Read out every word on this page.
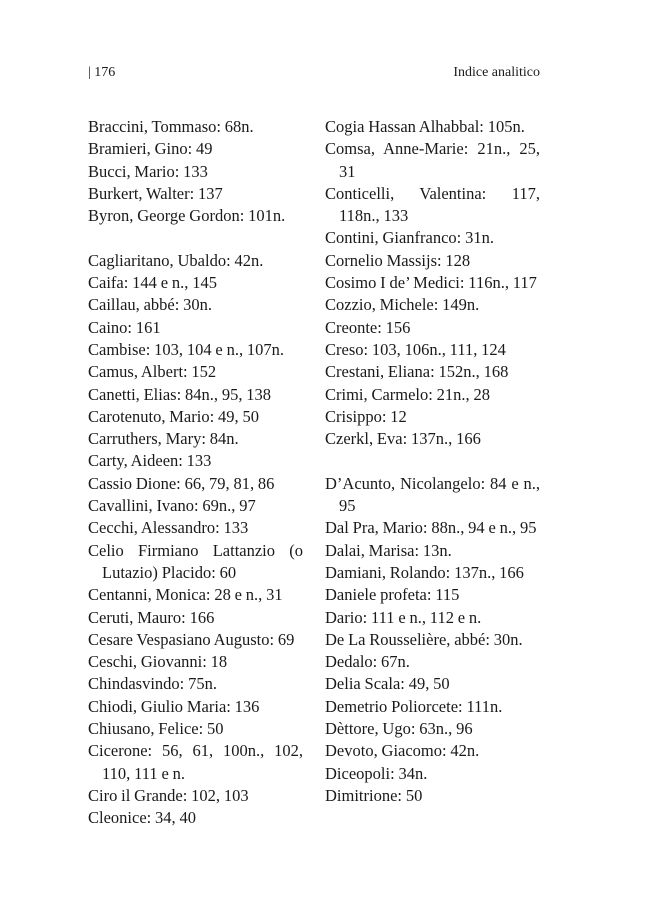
| 176	Indice analitico

Braccini, Tommaso: 68n.

Bramieri, Gino: 49

Bucci, Mario: 133

Burkert, Walter: 137

Byron, George Gordon: 101n.

Cagliaritano, Ubaldo: 42n.

Caifa: 144 e n., 145

Caillau, abbé: 30n.

Caino: 161

Cambise: 103, 104 e n., 107n.

Camus, Albert: 152

Canetti, Elias: 84n., 95, 138

Carotenuto, Mario: 49, 50

Carruthers, Mary: 84n.

Carty, Aideen: 133

Cassio Dione: 66, 79, 81, 86

Cavallini, Ivano: 69n., 97

Cecchi, Alessandro: 133

Celio Firmiano Lattanzio (o Lutazio) Placido: 60

Centanni, Monica: 28 e n., 31

Ceruti, Mauro: 166

Cesare Vespasiano Augusto: 69

Ceschi, Giovanni: 18

Chindasvindo: 75n.

Chiodi, Giulio Maria: 136

Chiusano, Felice: 50

Cicerone: 56, 61, 100n., 102, 110, 111 e n.

Ciro il Grande: 102, 103

Cleonice: 34, 40

Cogia Hassan Alhabbal: 105n.

Comsa, Anne-Marie: 21n., 25, 31

Conticelli, Valentina: 117, 118n., 133

Contini, Gianfranco: 31n.

Cornelio Massijs: 128

Cosimo I de’ Medici: 116n., 117

Cozzio, Michele: 149n.

Creonte: 156

Creso: 103, 106n., 111, 124

Crestani, Eliana: 152n., 168

Crimi, Carmelo: 21n., 28

Crisippo: 12

Czerkl, Eva: 137n., 166

D’Acunto, Nicolangelo: 84 e n., 95

Dal Pra, Mario: 88n., 94 e n., 95

Dalai, Marisa: 13n.

Damiani, Rolando: 137n., 166

Daniele profeta: 115

Dario: 111 e n., 112 e n.

De La Rousselière, abbé: 30n.

Dedalo: 67n.

Delia Scala: 49, 50

Demetrio Poliorcete: 111n.

Dèttore, Ugo: 63n., 96

Devoto, Giacomo: 42n.

Diceopoli: 34n.

Dimitrione: 50
